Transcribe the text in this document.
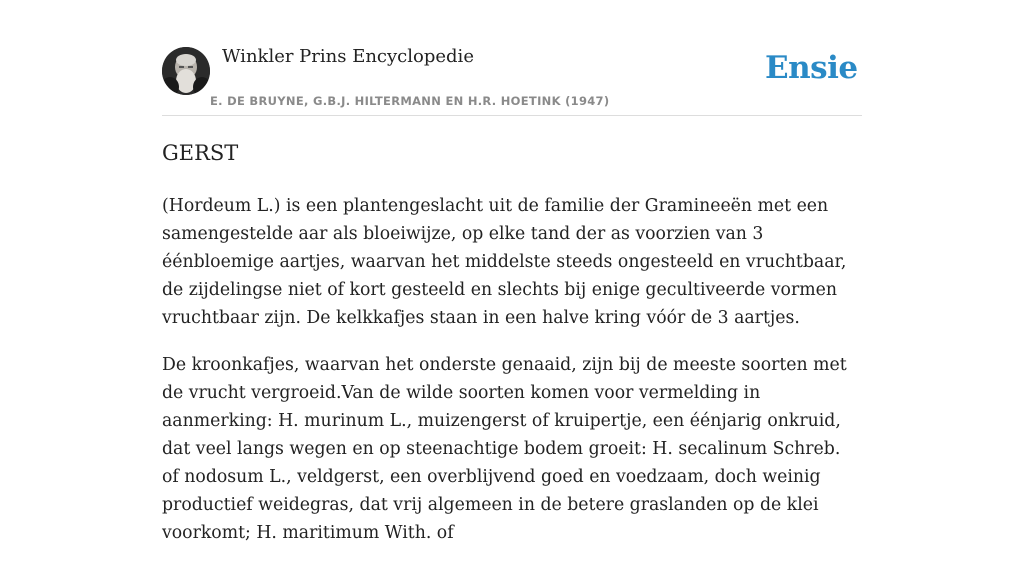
Winkler Prins Encyclopedie
E. DE BRUYNE, G.B.J. HILTERMANN EN H.R. HOETINK (1947)
Ensie
GERST

(Hordeum L.) is een plantengeslacht uit de familie der Gramineeën met een samengestelde aar als bloeiwijze, op elke tand der as voorzien van 3 éénbloemige aartjes, waarvan het middelste steeds ongesteeld en vruchtbaar, de zijdelingse niet of kort gesteeld en slechts bij enige gecultiveerde vormen vruchtbaar zijn. De kelkkafjes staan in een halve kring vóór de 3 aartjes.

De kroonkafjes, waarvan het onderste genaaid, zijn bij de meeste soorten met de vrucht vergroeid.Van de wilde soorten komen voor vermelding in aanmerking: H. murinum L., muizengerst of kruipertje, een éénjarig onkruid, dat veel langs wegen en op steenachtige bodem groeit: H. secalinum Schreb. of nodosum L., veldgerst, een overblijvend goed en voedzaam, doch weinig productief weidegras, dat vrij algemeen in de betere graslanden op de klei voorkomt; H. maritimum With. of
